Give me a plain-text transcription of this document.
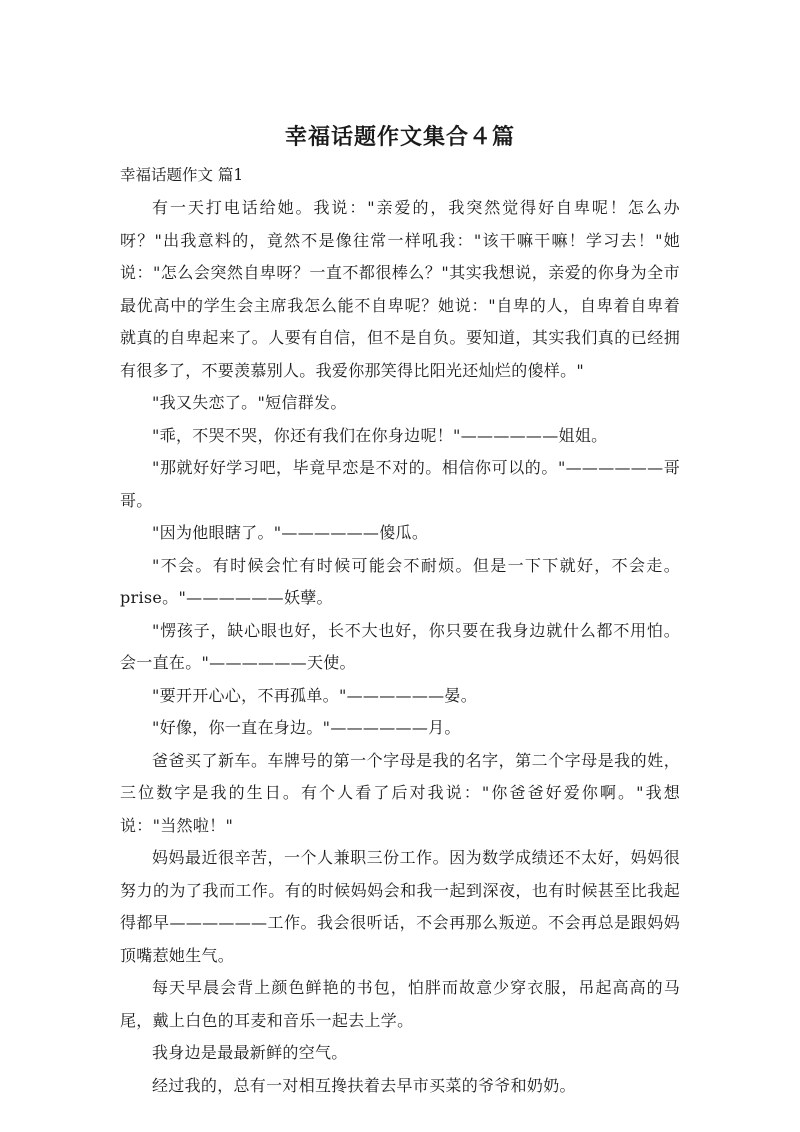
幸福话题作文集合４篇
幸福话题作文 篇1

有一天打电话给她。我说："亲爱的，我突然觉得好自卑呢！怎么办呀？"出我意料的，竟然不是像往常一样吼我："该干嘛干嘛！学习去！"她说："怎么会突然自卑呀？一直不都很棒么？"其实我想说，亲爱的你身为全市最优高中的学生会主席我怎么能不自卑呢？她说："自卑的人，自卑着自卑着就真的自卑起来了。人要有自信，但不是自负。要知道，其实我们真的已经拥有很多了，不要羡慕别人。我爱你那笑得比阳光还灿烂的傻样。"

"我又失恋了。"短信群发。

"乖，不哭不哭，你还有我们在你身边呢！"——————姐姐。

"那就好好学习吧，毕竟早恋是不对的。相信你可以的。"——————哥哥。

"因为他眼瞎了。"——————傻瓜。

"不会。有时候会忙有时候可能会不耐烦。但是一下下就好，不会走。prise。"——————妖孽。

"愣孩子，缺心眼也好，长不大也好，你只要在我身边就什么都不用怕。会一直在。"——————天使。

"要开开心心，不再孤单。"——————晏。

"好像，你一直在身边。"——————月。

爸爸买了新车。车牌号的第一个字母是我的名字，第二个字母是我的姓，三位数字是我的生日。有个人看了后对我说："你爸爸好爱你啊。"我想说："当然啦！"

妈妈最近很辛苦，一个人兼职三份工作。因为数学成绩还不太好，妈妈很努力的为了我而工作。有的时候妈妈会和我一起到深夜，也有时候甚至比我起得都早——————工作。我会很听话，不会再那么叛逆。不会再总是跟妈妈顶嘴惹她生气。

每天早晨会背上颜色鲜艳的书包，怕胖而故意少穿衣服，吊起高高的马尾，戴上白色的耳麦和音乐一起去上学。

我身边是最最新鲜的空气。

经过我的，总有一对相互搀扶着去早市买菜的爷爷和奶奶。
